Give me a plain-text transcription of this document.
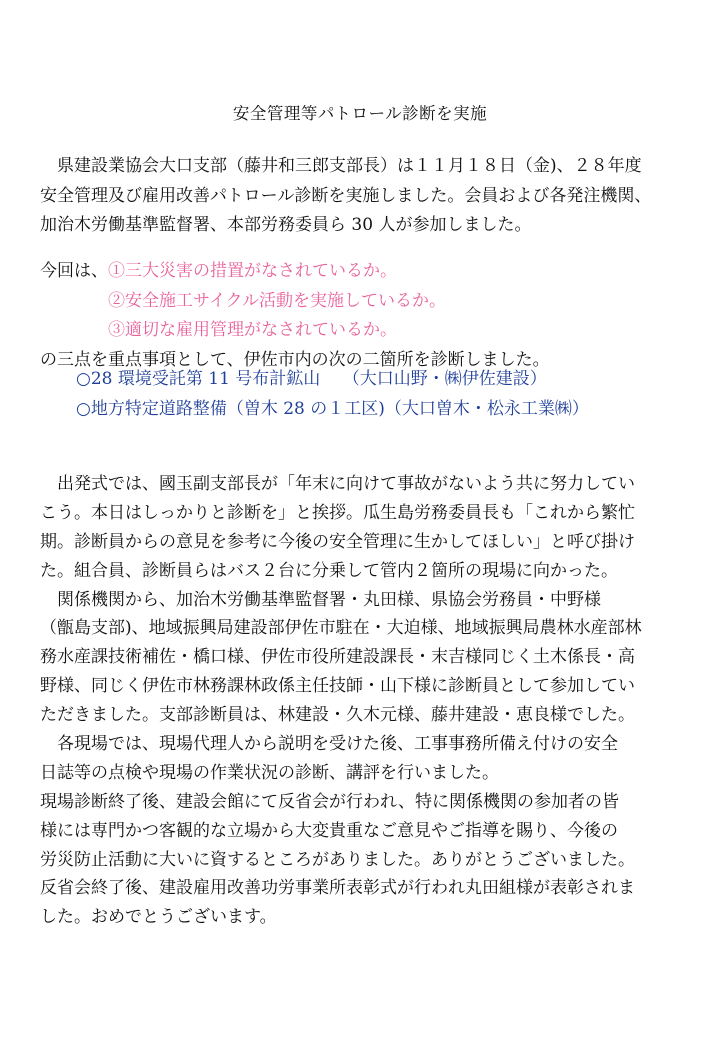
安全管理等パトロール診断を実施
　県建設業協会大口支部（藤井和三郎支部長）は１１月１８日（金)、２８年度
安全管理及び雇用改善パトロール診断を実施しました。会員および各発注機関、
加治木労働基準監督署、本部労務委員ら 30 人が参加しました。
今回は、①三大災害の措置がなされているか。
②安全施工サイクル活動を実施しているか。
③適切な雇用管理がなされているか。
の三点を重点事項として、伊佐市内の次の二箇所を診断しました。
○28 環境受託第 11 号布計鉱山　 （大口山野・㈱伊佐建設）
○地方特定道路整備（曽木 28 の１工区)（大口曽木・松永工業㈱）
　出発式では、國玉副支部長が「年末に向けて事故がないよう共に努力してい
こう。本日はしっかりと診断を」と挨拶。瓜生島労務委員長も「これから繁忙
期。診断員からの意見を参考に今後の安全管理に生かしてほしい」と呼び掛け
た。組合員、診断員らはバス２台に分乗して管内２箇所の現場に向かった。
　関係機関から、加治木労働基準監督署・丸田様、県協会労務員・中野様
（甑島支部)、地域振興局建設部伊佐市駐在・大迫様、地域振興局農林水産部林
務水産課技術補佐・橋口様、伊佐市役所建設課長・末吉様同じく土木係長・高
野様、同じく伊佐市林務課林政係主任技師・山下様に診断員として参加してい
ただきました。支部診断員は、林建設・久木元様、藤井建設・恵良様でした。
　各現場では、現場代理人から説明を受けた後、工事事務所備え付けの安全
日誌等の点検や現場の作業状況の診断、講評を行いました。
現場診断終了後、建設会館にて反省会が行われ、特に関係機関の参加者の皆
様には専門かつ客観的な立場から大変貴重なご意見やご指導を賜り、今後の
労災防止活動に大いに資するところがありました。ありがとうございました。
反省会終了後、建設雇用改善功労事業所表彰式が行われ丸田組様が表彰されま
した。おめでとうございます。
